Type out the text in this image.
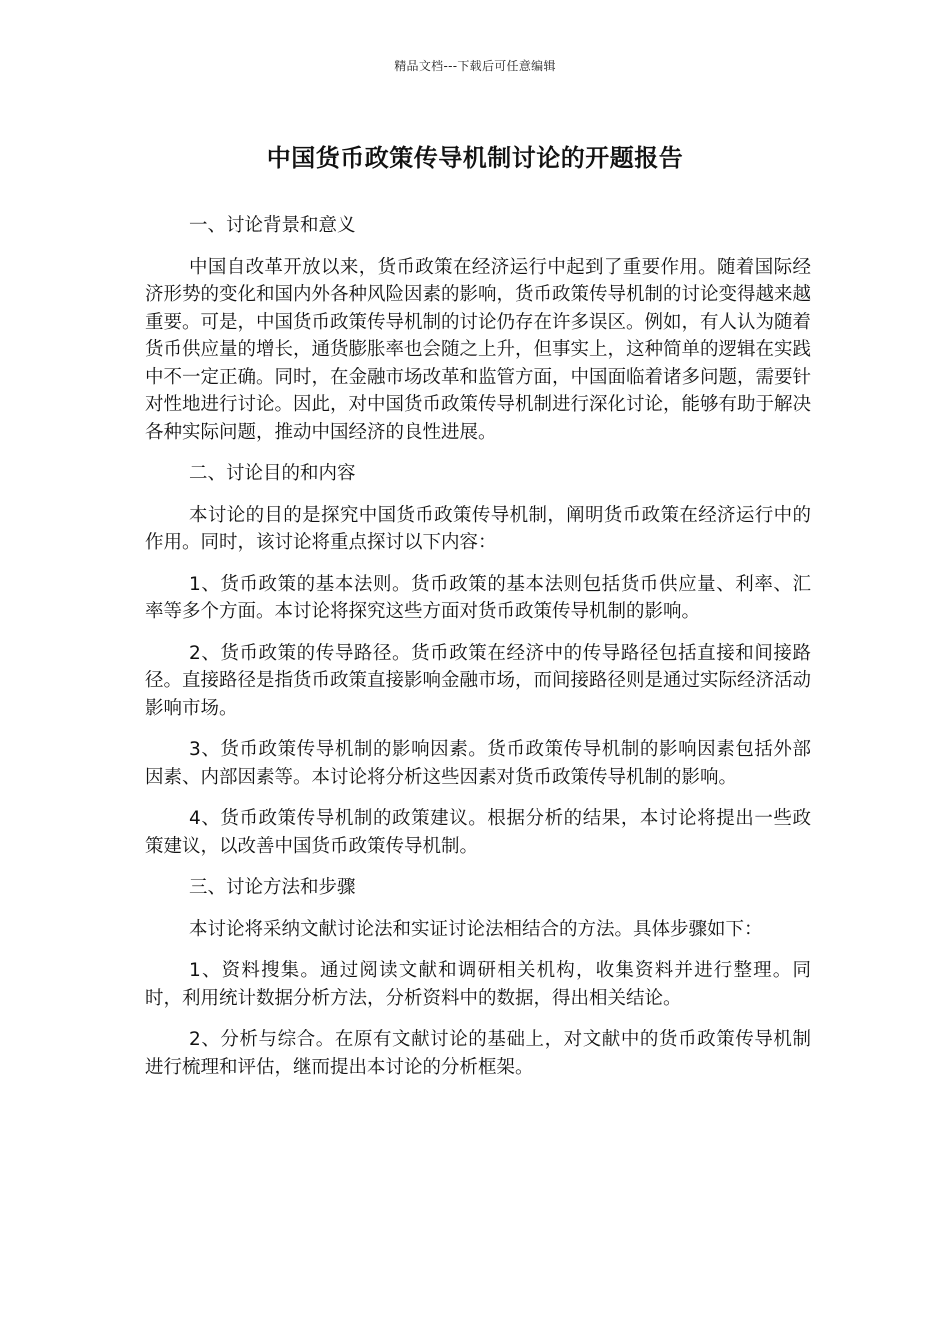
精品文档---下载后可任意编辑
中国货币政策传导机制讨论的开题报告
一、讨论背景和意义
中国自改革开放以来，货币政策在经济运行中起到了重要作用。随着国际经济形势的变化和国内外各种风险因素的影响，货币政策传导机制的讨论变得越来越重要。可是，中国货币政策传导机制的讨论仍存在许多误区。例如，有人认为随着货币供应量的增长，通货膨胀率也会随之上升，但事实上，这种简单的逻辑在实践中不一定正确。同时，在金融市场改革和监管方面，中国面临着诸多问题，需要针对性地进行讨论。因此，对中国货币政策传导机制进行深化讨论，能够有助于解决各种实际问题，推动中国经济的良性进展。
二、讨论目的和内容
本讨论的目的是探究中国货币政策传导机制，阐明货币政策在经济运行中的作用。同时，该讨论将重点探讨以下内容：
1、货币政策的基本法则。货币政策的基本法则包括货币供应量、利率、汇率等多个方面。本讨论将探究这些方面对货币政策传导机制的影响。
2、货币政策的传导路径。货币政策在经济中的传导路径包括直接和间接路径。直接路径是指货币政策直接影响金融市场，而间接路径则是通过实际经济活动影响市场。
3、货币政策传导机制的影响因素。货币政策传导机制的影响因素包括外部因素、内部因素等。本讨论将分析这些因素对货币政策传导机制的影响。
4、货币政策传导机制的政策建议。根据分析的结果，本讨论将提出一些政策建议，以改善中国货币政策传导机制。
三、讨论方法和步骤
本讨论将采纳文献讨论法和实证讨论法相结合的方法。具体步骤如下：
1、资料搜集。通过阅读文献和调研相关机构，收集资料并进行整理。同时，利用统计数据分析方法，分析资料中的数据，得出相关结论。
2、分析与综合。在原有文献讨论的基础上，对文献中的货币政策传导机制进行梳理和评估，继而提出本讨论的分析框架。
